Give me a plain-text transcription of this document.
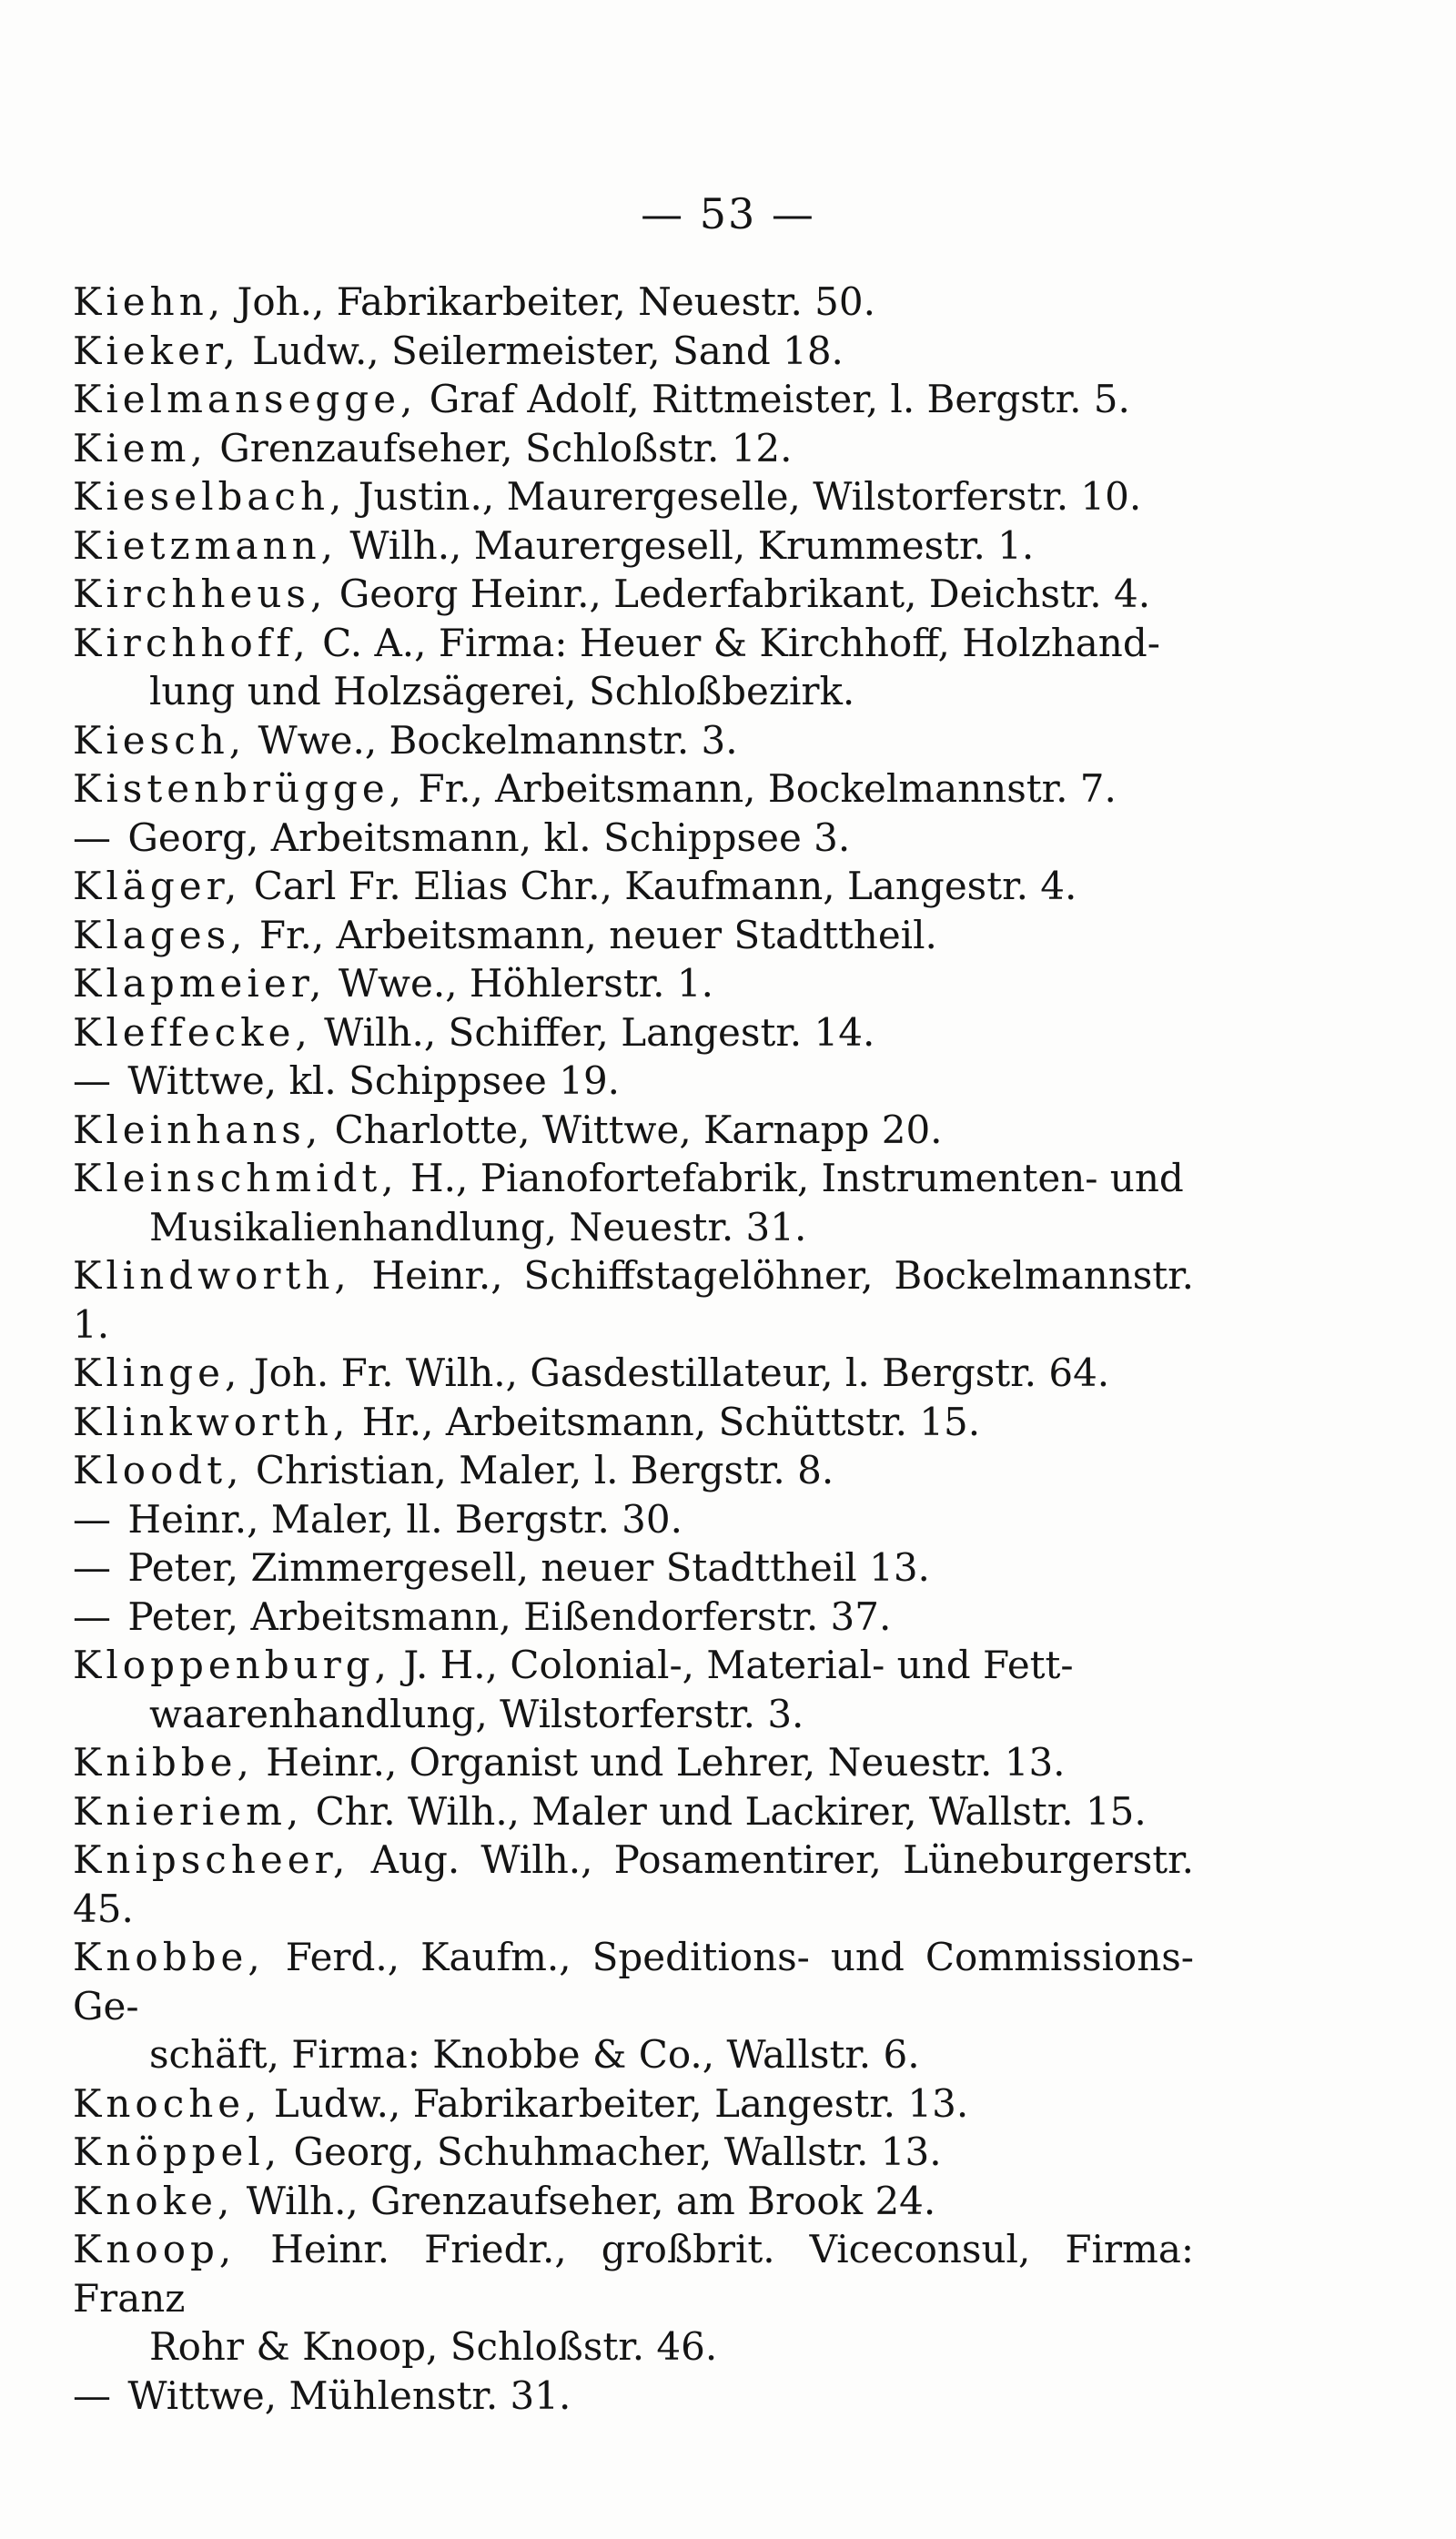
— 53 —

Kiehn, Joh., Fabrikarbeiter, Neuestr. 50.

Kieker, Ludw., Seilermeister, Sand 18.

Kielmansegge, Graf Adolf, Rittmeister, l. Bergstr. 5.

Kiem, Grenzaufseher, Schloßstr. 12.

Kieselbach, Justin., Maurergeselle, Wilstorferstr. 10.

Kietzmann, Wilh., Maurergesell, Krummestr. 1.

Kirchheus, Georg Heinr., Lederfabrikant, Deichstr. 4.

Kirchhoff, C. A., Firma: Heuer & Kirchhoff, Holzhand-
lung und Holzsägerei, Schloßbezirk.

Kiesch, Wwe., Bockelmannstr. 3.

Kistenbrügge, Fr., Arbeitsmann, Bockelmannstr. 7.

— Georg, Arbeitsmann, kl. Schippsee 3.

Kläger, Carl Fr. Elias Chr., Kaufmann, Langestr. 4.

Klages, Fr., Arbeitsmann, neuer Stadttheil.

Klapmeier, Wwe., Höhlerstr. 1.

Kleffecke, Wilh., Schiffer, Langestr. 14.

— Wittwe, kl. Schippsee 19.

Kleinhans, Charlotte, Wittwe, Karnapp 20.

Kleinschmidt, H., Pianofortefabrik, Instrumenten- und
Musikalienhandlung, Neuestr. 31.

Klindworth, Heinr., Schiffstagelöhner, Bockelmannstr. 1.

Klinge, Joh. Fr. Wilh., Gasdestillateur, l. Bergstr. 64.

Klinkworth, Hr., Arbeitsmann, Schüttstr. 15.

Kloodt, Christian, Maler, l. Bergstr. 8.

— Heinr., Maler, ll. Bergstr. 30.

— Peter, Zimmergesell, neuer Stadttheil 13.

— Peter, Arbeitsmann, Eißendorferstr. 37.

Kloppenburg, J. H., Colonial-, Material- und Fett-
waarenhandlung, Wilstorferstr. 3.

Knibbe, Heinr., Organist und Lehrer, Neuestr. 13.

Knieriem, Chr. Wilh., Maler und Lackirer, Wallstr. 15.

Knipscheer, Aug. Wilh., Posamentirer, Lüneburgerstr. 45.

Knobbe, Ferd., Kaufm., Speditions- und Commissions-Ge-
schäft, Firma: Knobbe & Co., Wallstr. 6.

Knoche, Ludw., Fabrikarbeiter, Langestr. 13.

Knöppel, Georg, Schuhmacher, Wallstr. 13.

Knoke, Wilh., Grenzaufseher, am Brook 24.

Knoop, Heinr. Friedr., großbrit. Viceconsul, Firma: Franz
Rohr & Knoop, Schloßstr. 46.

— Wittwe, Mühlenstr. 31.
